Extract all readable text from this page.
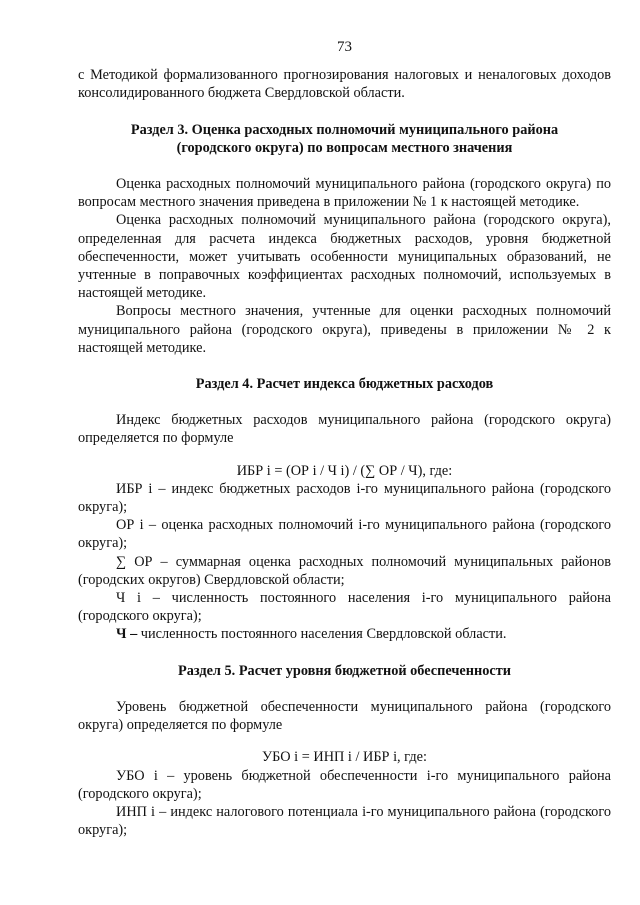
73

с Методикой формализованного прогнозирования налоговых и неналоговых доходов консолидированного бюджета Свердловской области.

Раздел 3. Оценка расходных полномочий муниципального района

(городского округа) по вопросам местного значения

Оценка расходных полномочий муниципального района (городского округа) по вопросам местного значения приведена в приложении № 1 к настоящей методике.

Оценка расходных полномочий муниципального района (городского округа), определенная для расчета индекса бюджетных расходов, уровня бюджетной обеспеченности, может учитывать особенности муниципальных образований, не учтенные в поправочных коэффициентах расходных полномочий, используемых в настоящей методике.

Вопросы местного значения, учтенные для оценки расходных полномочий муниципального района (городского округа), приведены в приложении № 2 к настоящей методике.

Раздел 4. Расчет индекса бюджетных расходов

Индекс бюджетных расходов муниципального района (городского округа) определяется по формуле

ИБР i = (ОР i / Ч i) / (∑ ОР / Ч), где:

ИБР i – индекс бюджетных расходов i-го муниципального района (городского округа);

ОР i – оценка расходных полномочий i-го муниципального района (городского округа);

∑ ОР – суммарная оценка расходных полномочий муниципальных районов (городских округов) Свердловской области;

Ч i – численность постоянного населения i-го муниципального района (городского округа);

Ч – численность постоянного населения Свердловской области.

Раздел 5. Расчет уровня бюджетной обеспеченности

Уровень бюджетной обеспеченности муниципального района (городского округа) определяется по формуле

УБО i = ИНП i / ИБР i, где:

УБО i – уровень бюджетной обеспеченности i-го муниципального района (городского округа);

ИНП i – индекс налогового потенциала i-го муниципального района (городского округа);
